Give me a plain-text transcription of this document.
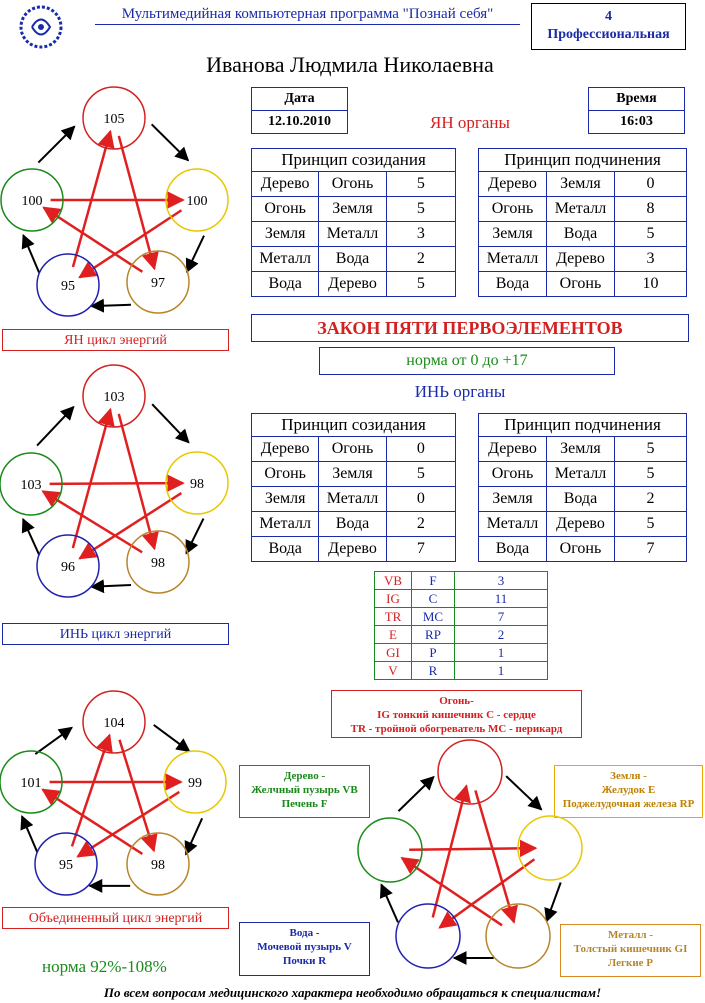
Мультимедийная компьютерная программа "Познай себя"	4
Профессиональная
Иванова Людмила Николаевна
Дата
12.10.2010	ЯН органы
Время
16:03
Принцип созидания		
Дерево	Огонь	5
Огонь	Земля	5
Земля	Металл	3
Металл	Вода	2
Вода	Дерево	5
Принцип подчинения		
Дерево	Земля	0
Огонь	Металл	8
Земля	Вода	5
Металл	Дерево	3
Вода	Огонь	10
ЗАКОН ПЯТИ ПЕРВОЭЛЕМЕНТОВ
норма от 0 до +17
ИНЬ органы
Принцип созидания		
Дерево	Огонь	0
Огонь	Земля	5
Земля	Металл	0
Металл	Вода	2
Вода	Дерево	7
Принцип подчинения		
Дерево	Земля	5
Огонь	Металл	5
Земля	Вода	2
Металл	Дерево	5
Вода	Огонь	7
VB	F	3
IG	C	11
TR	MC	7
E	RP	2
GI	P	1
V	R	1
105
100
97
95
100
ЯН цикл энергий
103
98
98
96
103
ИНЬ цикл энергий
104
99
98
95
101
Объединенный цикл энергий
норма 92%-108%
Огонь-
IG тонкий кишечник C - сердце
TR - тройной обогреватель MC - перикард
Земля -
Желудок E
Поджелудочная железа RP
Дерево -
Желчный пузырь VB
Печень F
Металл -
Толстый кишечник GI
Легкие P
Вода -
Мочевой пузырь V
Почки R
По всем вопросам медицинского характера необходимо обращаться к специалистам!
